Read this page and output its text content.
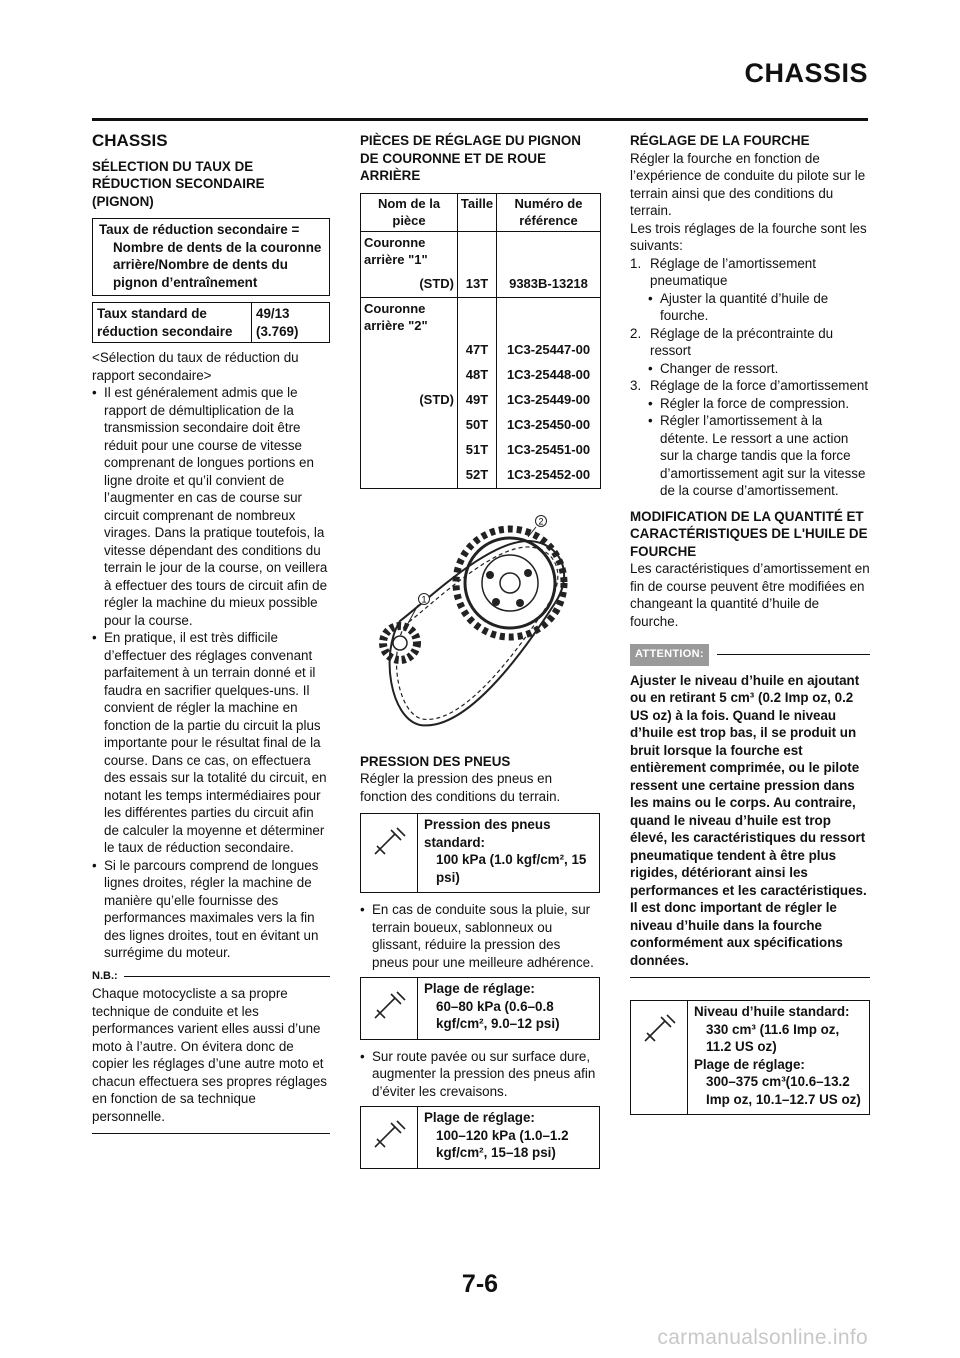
CHASSIS
CHASSIS
SÉLECTION DU TAUX DE RÉDUCTION SECONDAIRE (PIGNON)
Taux de réduction secondaire =
Nombre de dents de la couronne arrière/Nombre de dents du pignon d’entraînement
Taux standard de réduction secondaire	49/13 (3.769)

<Sélection du taux de réduction du rapport secondaire>

• Il est généralement admis que le rapport de démultiplication de la transmission secondaire doit être réduit pour une course de vitesse comprenant de longues portions en ligne droite et qu’il convient de l’augmenter en cas de course sur circuit comprenant de nombreux virages. Dans la pratique toutefois, la vitesse dépendant des conditions du terrain le jour de la course, on veillera à effectuer des tours de circuit afin de régler la machine du mieux possible pour la course.
• En pratique, il est très difficile d’effectuer des réglages convenant parfaitement à un terrain donné et il faudra en sacrifier quelques-uns. Il convient de régler la machine en fonction de la partie du circuit la plus importante pour le résultat final de la course. Dans ce cas, on effectuera des essais sur la totalité du circuit, en notant les temps intermédiaires pour les différentes parties du circuit afin de calculer la moyenne et déterminer le taux de réduction secondaire.
• Si le parcours comprend de longues lignes droites, régler la machine de manière qu’elle fournisse des performances maximales vers la fin des lignes droites, tout en évitant un surrégime du moteur.
N.B.:

Chaque motocycliste a sa propre technique de conduite et les performances varient elles aussi d’une moto à l’autre. On évitera donc de copier les réglages d’une autre moto et chacun effectuera ses propres réglages en fonction de sa technique personnelle.

PIÈCES DE RÉGLAGE DU PIGNON DE COURONNE ET DE ROUE ARRIÈRE
Nom de la pièce	Taille	Numéro de référence
Couronne arrière "1"		
(STD)	13T	9383B-13218
Couronne arrière "2"		
	47T	1C3-25447-00
	48T	1C3-25448-00
(STD)	49T	1C3-25449-00
	50T	1C3-25450-00
	51T	1C3-25451-00
	52T	1C3-25452-00
1
2
PRESSION DES PNEUS

Régler la pression des pneus en fonction des conditions du terrain.

Pression des pneus standard:
100 kPa (1.0 kgf/cm², 15 psi)
• En cas de conduite sous la pluie, sur terrain boueux, sablonneux ou glissant, réduire la pression des pneus pour une meilleure adhérence.
Plage de réglage:
60–80 kPa (0.6–0.8 kgf/cm², 9.0–12 psi)
• Sur route pavée ou sur surface dure, augmenter la pression des pneus afin d’éviter les crevaisons.
Plage de réglage:
100–120 kPa (1.0–1.2 kgf/cm², 15–18 psi)
RÉGLAGE DE LA FOURCHE

Régler la fourche en fonction de l’expérience de conduite du pilote sur le terrain ainsi que des conditions du terrain.

Les trois réglages de la fourche sont les suivants:

1. Réglage de l’amortissement pneumatique
• Ajuster la quantité d’huile de fourche.
2. Réglage de la précontrainte du ressort
• Changer de ressort.
3. Réglage de la force d’amortissement
• Régler la force de compression.
• Régler l’amortissement à la détente. Le ressort a une action sur la charge tandis que la force d’amortissement agit sur la vitesse de la course d’amortissement.
MODIFICATION DE LA QUANTITÉ ET CARACTÉRISTIQUES DE L'HUILE DE FOURCHE

Les caractéristiques d’amortissement en fin de course peuvent être modifiées en changeant la quantité d’huile de fourche.

ATTENTION:

Ajuster le niveau d’huile en ajoutant ou en retirant 5 cm³ (0.2 Imp oz, 0.2 US oz) à la fois. Quand le niveau d’huile est trop bas, il se produit un bruit lorsque la fourche est entièrement comprimée, ou le pilote ressent une certaine pression dans les mains ou le corps. Au contraire, quand le niveau d’huile est trop élevé, les caractéristiques du ressort pneumatique tendent à être plus rigides, détériorant ainsi les performances et les caractéristiques. Il est donc important de régler le niveau d’huile dans la fourche conformément aux spécifications données.

Niveau d’huile standard:
330 cm³ (11.6 Imp oz, 11.2 US oz)
Plage de réglage:
300–375 cm³(10.6–13.2 Imp oz, 10.1–12.7 US oz)
7-6
carmanualsonline.info
